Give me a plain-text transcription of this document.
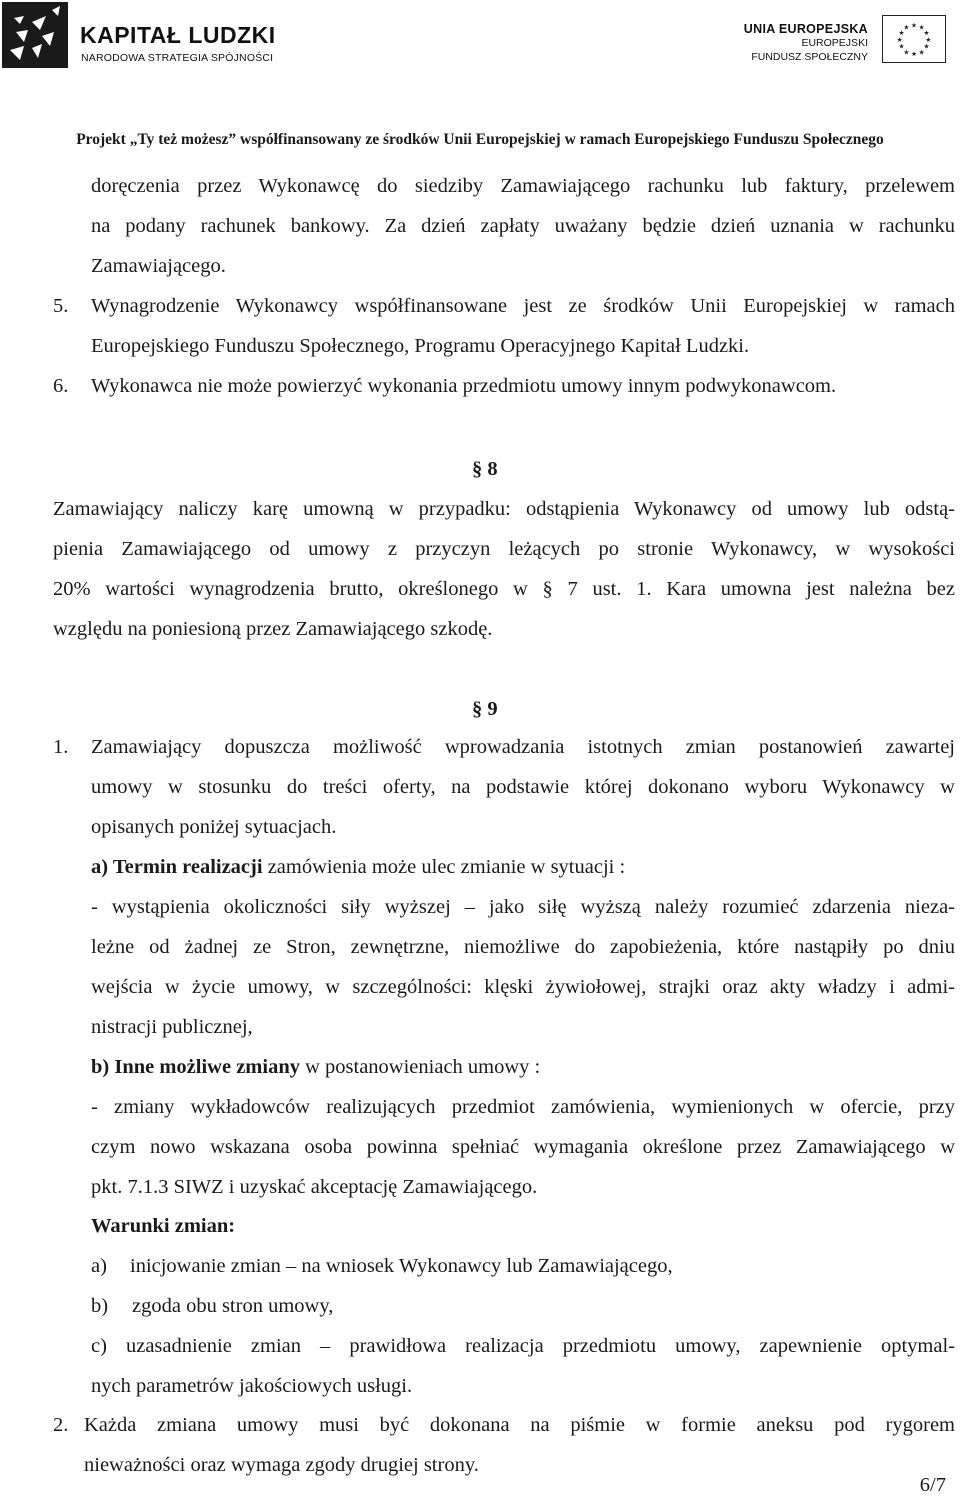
KAPITAŁ LUDZKI
NARODOWA STRATEGIA SPÓJNOŚCI
UNIA EUROPEJSKA
EUROPEJSKI
FUNDUSZ SPOŁECZNY
★ ★
★
★
★
★
★
★
★
★
★
★
Projekt „Ty też możesz” współfinansowany ze środków Unii Europejskiej w ramach Europejskiego Funduszu Społecznego
doręczenia przez Wykonawcę do siedziby Zamawiającego rachunku lub faktury, przelewem
na podany rachunek bankowy. Za dzień zapłaty uważany będzie dzień uznania w rachunku
Zamawiającego.
5. Wynagrodzenie Wykonawcy współfinansowane jest ze środków Unii Europejskiej w ramach
Europejskiego Funduszu Społecznego, Programu Operacyjnego Kapitał Ludzki.
6. Wykonawca nie może powierzyć wykonania przedmiotu umowy innym podwykonawcom.
§ 8
Zamawiający naliczy karę umowną w przypadku: odstąpienia Wykonawcy od umowy lub odstą-
pienia Zamawiającego od umowy z przyczyn leżących po stronie Wykonawcy, w wysokości
20% wartości wynagrodzenia brutto, określonego w § 7 ust. 1. Kara umowna jest należna bez
względu na poniesioną przez Zamawiającego szkodę.
§ 9
1. Zamawiający dopuszcza możliwość wprowadzania istotnych zmian postanowień zawartej
umowy w stosunku do treści oferty, na podstawie której dokonano wyboru Wykonawcy w
opisanych poniżej sytuacjach.
a) Termin realizacji zamówienia może ulec zmianie w sytuacji :
- wystąpienia okoliczności siły wyższej – jako siłę wyższą należy rozumieć zdarzenia nieza-
leżne od żadnej ze Stron, zewnętrzne, niemożliwe do zapobieżenia, które nastąpiły po dniu
wejścia w życie umowy, w szczególności: klęski żywiołowej, strajki oraz akty władzy i admi-
nistracji publicznej,
b) Inne możliwe zmiany w postanowieniach umowy :
- zmiany wykładowców realizujących przedmiot zamówienia, wymienionych w ofercie, przy
czym nowo wskazana osoba powinna spełniać wymagania określone przez Zamawiającego w
pkt. 7.1.3 SIWZ i uzyskać akceptację Zamawiającego.
Warunki zmian:
a) inicjowanie zmian – na wniosek Wykonawcy lub Zamawiającego,
b) zgoda obu stron umowy,
c) uzasadnienie zmian – prawidłowa realizacja przedmiotu umowy, zapewnienie optymal-
nych parametrów jakościowych usługi.
2. Każda zmiana umowy musi być dokonana na piśmie w formie aneksu pod rygorem
nieważności oraz wymaga zgody drugiej strony.
6/7
